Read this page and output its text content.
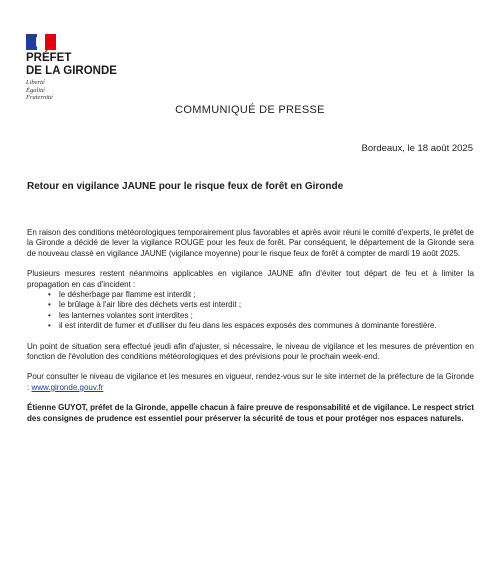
PRÉFET
DE LA GIRONDE
Liberté
Égalité
Fraternité
COMMUNIQUÉ DE PRESSE
Bordeaux, le 18 août 2025
Retour en vigilance JAUNE pour le risque feux de forêt en Gironde

En raison des conditions météorologiques temporairement plus favorables et après avoir réuni le comité d'experts, le préfet de la Gironde a décidé de lever la vigilance ROUGE pour les feux de forêt. Par conséquent, le département de la Gironde sera de nouveau classé en vigilance JAUNE (vigilance moyenne) pour le risque feux de forêt à compter de mardi 19 août 2025.

Plusieurs mesures restent néanmoins applicables en vigilance JAUNE afin d'éviter tout départ de feu et à limiter la propagation en cas d'incident :

• le désherbage par flamme est interdit ;
• le brûlage à l'air libre des déchets verts est interdit ;
• les lanternes volantes sont interdites ;
• il est interdit de fumer et d'utiliser du feu dans les espaces exposés des communes à dominante forestière.

Un point de situation sera effectué jeudi afin d'ajuster, si nécessaire, le niveau de vigilance et les mesures de prévention en fonction de l'évolution des conditions météorologiques et des prévisions pour le prochain week-end.

Pour consulter le niveau de vigilance et les mesures en vigueur, rendez-vous sur le site internet de la préfecture de la Gironde : www.gironde.gouv.fr

Étienne GUYOT, préfet de la Gironde, appelle chacun à faire preuve de responsabilité et de vigilance. Le respect strict des consignes de prudence est essentiel pour préserver la sécurité de tous et pour protéger nos espaces naturels.
